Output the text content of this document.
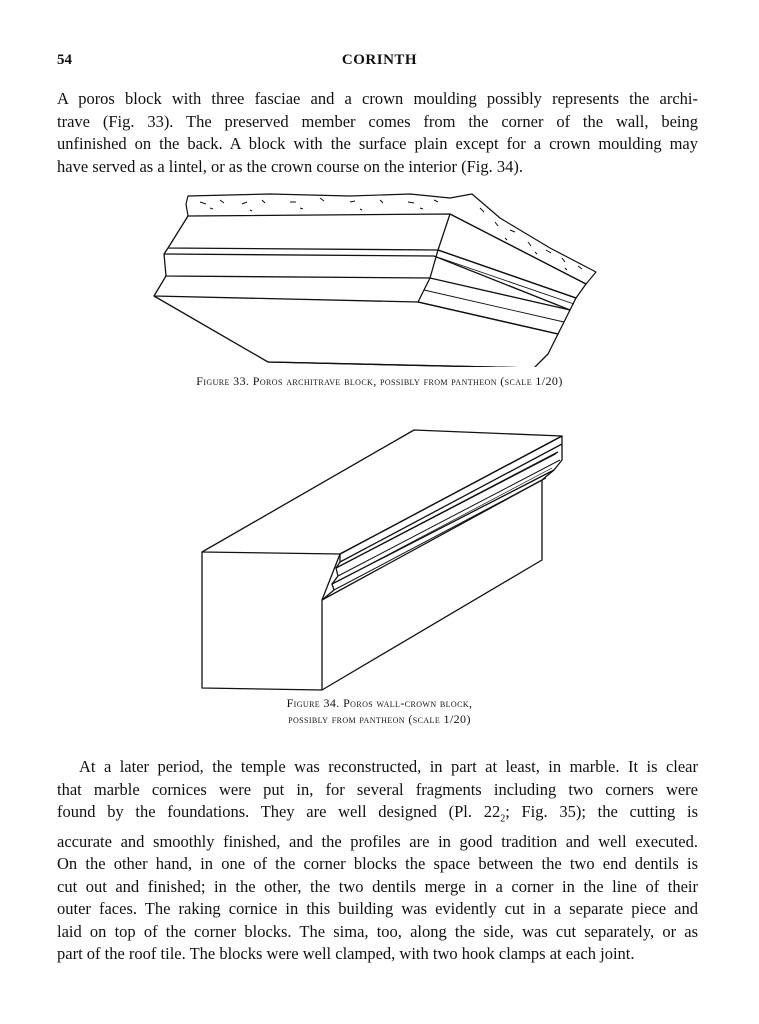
54	CORINTH
A poros block with three fasciae and a crown moulding possibly represents the archi-
trave (Fig. 33). The preserved member comes from the corner of the wall, being
unfinished on the back. A block with the surface plain except for a crown moulding may
have served as a lintel, or as the crown course on the interior (Fig. 34).
Figure 33. Poros architrave block, possibly from pantheon (scale 1/20)
Figure 34. Poros wall-crown block,
possibly from pantheon (scale 1/20)
At a later period, the temple was reconstructed, in part at least, in marble. It is clear
that marble cornices were put in, for several fragments including two corners were
found by the foundations. They are well designed (Pl. $22_2$; Fig. 35); the cutting is
accurate and smoothly finished, and the profiles are in good tradition and well executed.
On the other hand, in one of the corner blocks the space between the two end dentils is
cut out and finished; in the other, the two dentils merge in a corner in the line of their
outer faces. The raking cornice in this building was evidently cut in a separate piece and
laid on top of the corner blocks. The sima, too, along the side, was cut separately, or as
part of the roof tile. The blocks were well clamped, with two hook clamps at each joint.
